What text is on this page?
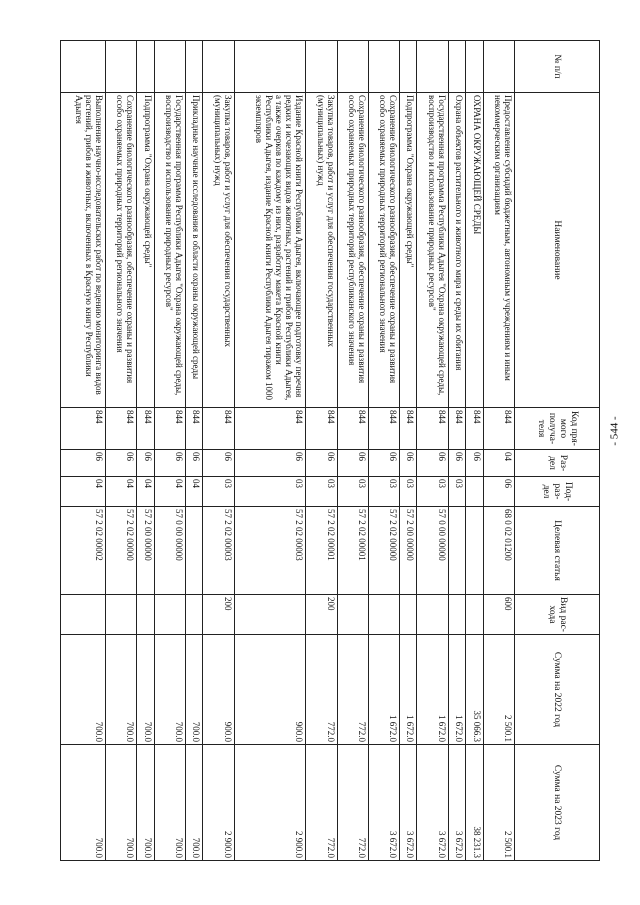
- 544 -
№ п/п	Наименование	Код пря- мого получа- теля	Раз- дел	Под- раз- дел	Целевая статья	Вид рас- хода	Сумма на 2022 год	Сумма на 2023 год
	Предоставление субсидий бюджетным, автономным учреждениям и иным некоммерческим организациям	844	04	06	68 0 02 01200	600	2 500.1	2 500.1
	ОХРАНА ОКРУЖАЮЩЕЙ СРЕДЫ	844	06				35 066.3	38 231.3
	Охрана объектов растительного и животного мира и среды их обитания	844	06	03			1 672.0	3 672.0
	Государственная программа Республики Адыгея "Охрана окружающей среды, воспроизводство и использование природных ресурсов"	844	06	03	57 0 00 00000		1 672.0	3 672.0
	Подпрограмма "Охрана окружающей среды"	844	06	03	57 2 00 00000		1 672.0	3 672.0
	Сохранение биологического разнообразия, обеспечение охраны и развития особо охраняемых природных территорий регионального значения	844	06	03	57 2 02 00000		1 672.0	3 672.0
	Сохранение биологического разнообразия, обеспечение охраны и развития особо охраняемых природных территорий республиканского значения	844	06	03	57 2 02 00001		772.0	772.0
	Закупка товаров, работ и услуг для обеспечения государственных (муниципальных) нужд	844	06	03	57 2 02 00001	200	772.0	772.0
	Издание Красной книги Республики Адыгея, включающее подготовку перечня редких и исчезающих видов животных, растений и грибов Республики Адыгея, а также очерков по каждому из них, разработку макета Красной книги Республики Адыгея, издание Красной книги Республики Адыгея тиражом 1000 экземпляров	844	06	03	57 2 02 00003		900.0	2 900.0
	Закупка товаров, работ и услуг для обеспечения государственных (муниципальных) нужд	844	06	03	57 2 02 00003	200	900.0	2 900.0
	Прикладные научные исследования в области охраны окружающей среды	844	06	04			700.0	700.0
	Государственная программа Республики Адыгея "Охрана окружающей среды, воспроизводство и использование природных ресурсов"	844	06	04	57 0 00 00000		700.0	700.0
	Подпрограмма "Охрана окружающей среды"	844	06	04	57 2 00 00000		700.0	700.0
	Сохранение биологического разнообразия, обеспечение охраны и развития особо охраняемых природных территорий регионального значения	844	06	04	57 2 02 00000		700.0	700.0
	Выполнение научно-исследовательских работ по ведению мониторинга видов растений, грибов и животных, включенных в Красную книгу Республики Адыгея	844	06	04	57 2 02 00002		700.0	700.0
